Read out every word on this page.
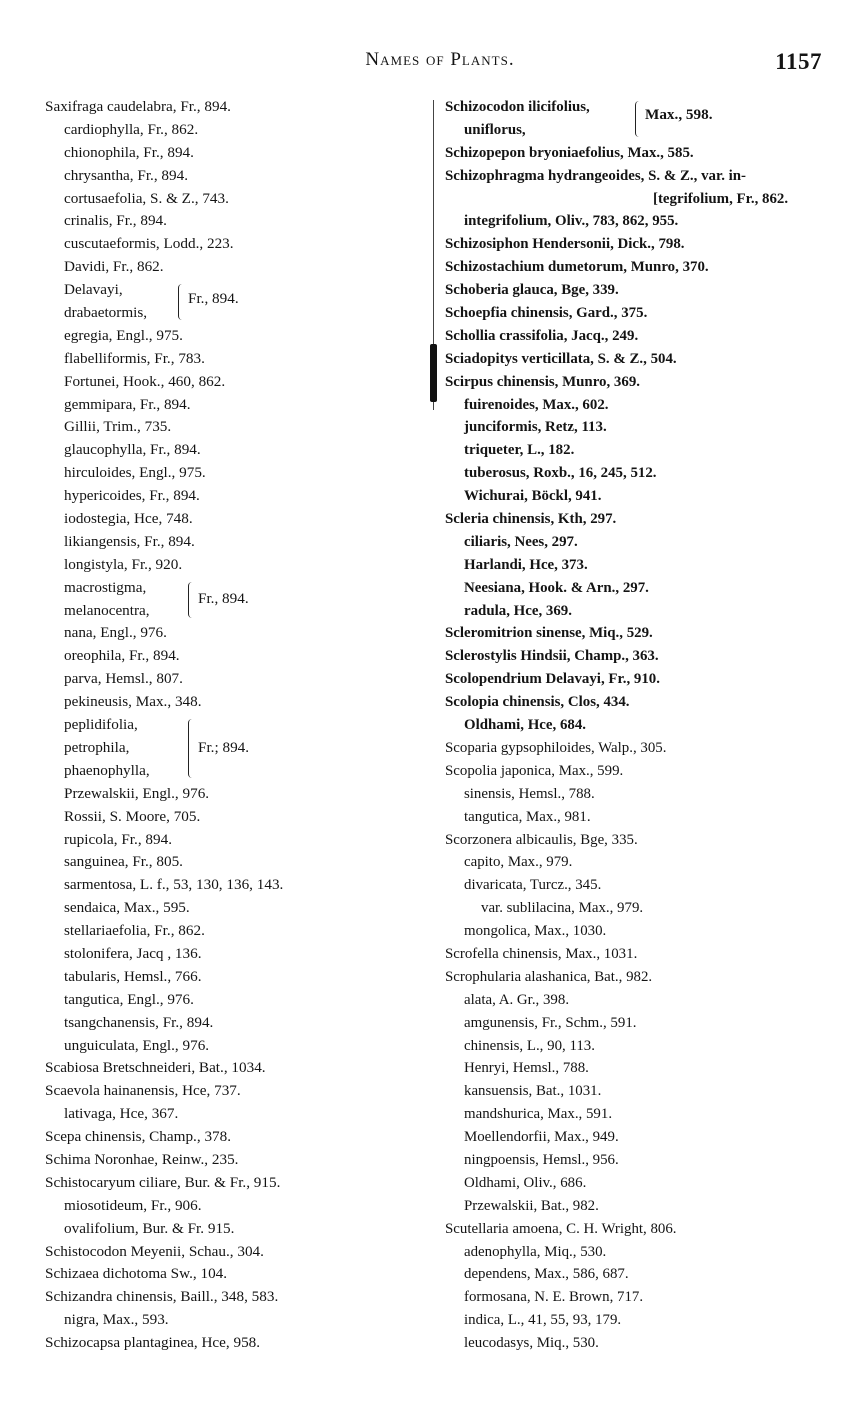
Names of Plants.	1157
Saxifraga caudelabra, Fr., 894.
cardiophylla, Fr., 862.
chionophila, Fr., 894.
chrysantha, Fr., 894.
cortusaefolia, S. & Z., 743.
crinalis, Fr., 894.
cuscutaeformis, Lodd., 223.
Davidi, Fr., 862.
Delavayi,
drabaetormis,
Fr., 894.
egregia, Engl., 975.
flabelliformis, Fr., 783.
Fortunei, Hook., 460, 862.
gemmipara, Fr., 894.
Gillii, Trim., 735.
glaucophylla, Fr., 894.
hirculoides, Engl., 975.
hypericoides, Fr., 894.
iodostegia, Hce, 748.
likiangensis, Fr., 894.
longistyla, Fr., 920.
macrostigma,
melanocentra,
Fr., 894.
nana, Engl., 976.
oreophila, Fr., 894.
parva, Hemsl., 807.
pekineusis, Max., 348.
peplidifolia,
petrophila,
phaenophylla,
Fr.; 894.
Przewalskii, Engl., 976.
Rossii, S. Moore, 705.
rupicola, Fr., 894.
sanguinea, Fr., 805.
sarmentosa, L. f., 53, 130, 136, 143.
sendaica, Max., 595.
stellariaefolia, Fr., 862.
stolonifera, Jacq , 136.
tabularis, Hemsl., 766.
tangutica, Engl., 976.
tsangchanensis, Fr., 894.
unguiculata, Engl., 976.
Scabiosa Bretschneideri, Bat., 1034.
Scaevola hainanensis, Hce, 737.
lativaga, Hce, 367.
Scepa chinensis, Champ., 378.
Schima Noronhae, Reinw., 235.
Schistocaryum ciliare, Bur. & Fr., 915.
miosotideum, Fr., 906.
ovalifolium, Bur. & Fr. 915.
Schistocodon Meyenii, Schau., 304.
Schizaea dichotoma Sw., 104.
Schizandra chinensis, Baill., 348, 583.
nigra, Max., 593.
Schizocapsa plantaginea, Hce, 958.
Schizocodon ilicifolius,
uniflorus,
Max., 598.
Schizopepon bryoniaefolius, Max., 585.
Schizophragma hydrangeoides, S. & Z., var. in-
[tegrifolium, Fr., 862.
integrifolium, Oliv., 783, 862, 955.
Schizosiphon Hendersonii, Dick., 798.
Schizostachium dumetorum, Munro, 370.
Schoberia glauca, Bge, 339.
Schoepfia chinensis, Gard., 375.
Schollia crassifolia, Jacq., 249.
Sciadopitys verticillata, S. & Z., 504.
Scirpus chinensis, Munro, 369.
fuirenoides, Max., 602.
junciformis, Retz, 113.
triqueter, L., 182.
tuberosus, Roxb., 16, 245, 512.
Wichurai, Böckl, 941.
Scleria chinensis, Kth, 297.
ciliaris, Nees, 297.
Harlandi, Hce, 373.
Neesiana, Hook. & Arn., 297.
radula, Hce, 369.
Scleromitrion sinense, Miq., 529.
Sclerostylis Hindsii, Champ., 363.
Scolopendrium Delavayi, Fr., 910.
Scolopia chinensis, Clos, 434.
Oldhami, Hce, 684.
Scoparia gypsophiloides, Walp., 305.
Scopolia japonica, Max., 599.
sinensis, Hemsl., 788.
tangutica, Max., 981.
Scorzonera albicaulis, Bge, 335.
capito, Max., 979.
divaricata, Turcz., 345.
var. sublilacina, Max., 979.
mongolica, Max., 1030.
Scrofella chinensis, Max., 1031.
Scrophularia alashanica, Bat., 982.
alata, A. Gr., 398.
amgunensis, Fr., Schm., 591.
chinensis, L., 90, 113.
Henryi, Hemsl., 788.
kansuensis, Bat., 1031.
mandshurica, Max., 591.
Moellendorfii, Max., 949.
ningpoensis, Hemsl., 956.
Oldhami, Oliv., 686.
Przewalskii, Bat., 982.
Scutellaria amoena, C. H. Wright, 806.
adenophylla, Miq., 530.
dependens, Max., 586, 687.
formosana, N. E. Brown, 717.
indica, L., 41, 55, 93, 179.
leucodasys, Miq., 530.
